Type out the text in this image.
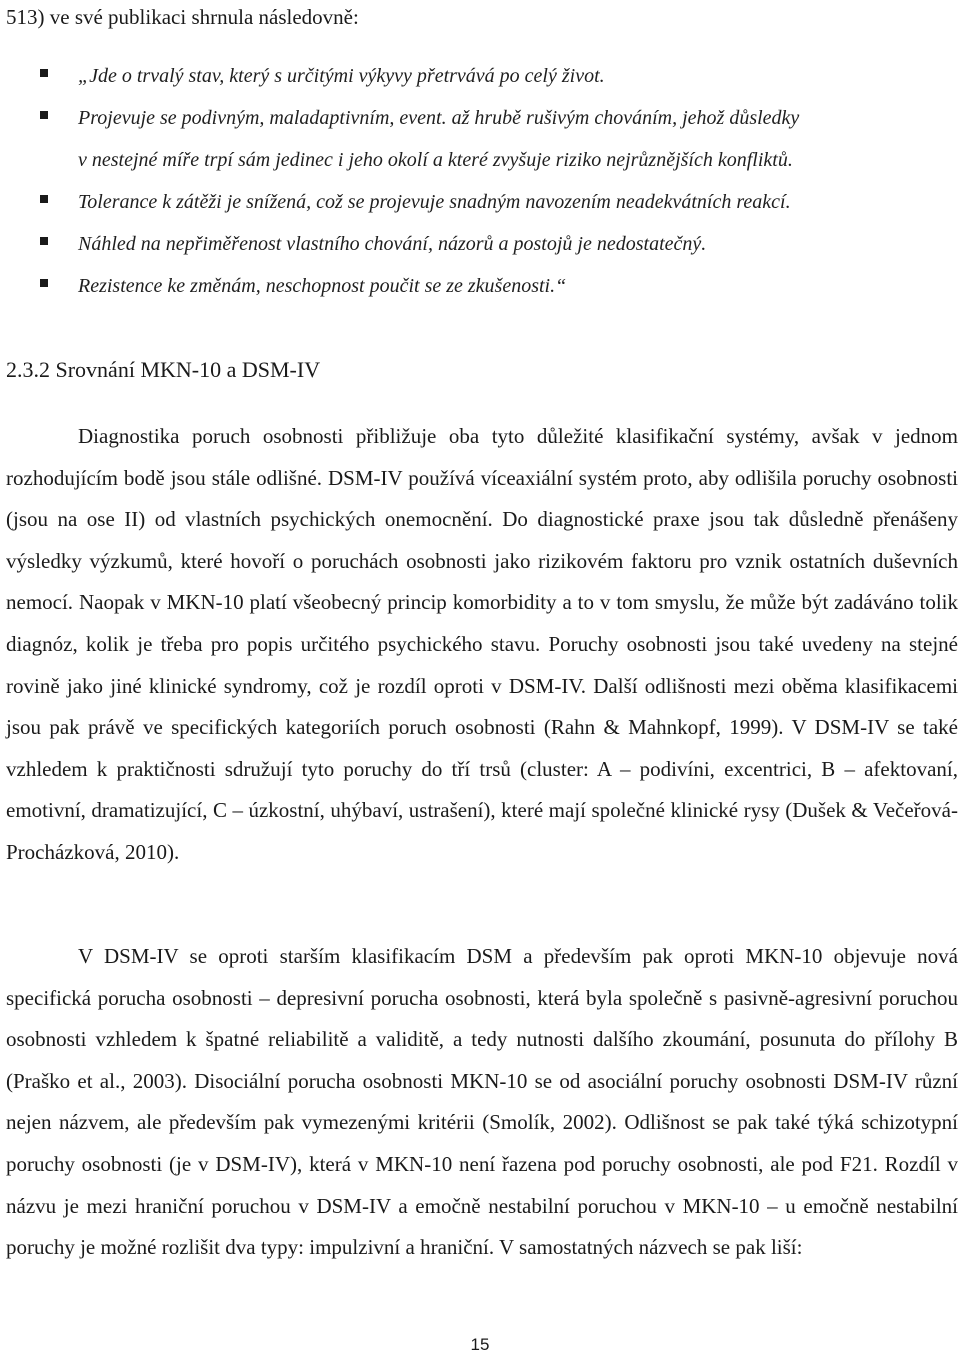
513) ve své publikaci shrnula následovně:
„Jde o trvalý stav, který s určitými výkyvy přetrvává po celý život.
Projevuje se podivným, maladaptivním, event. až hrubě rušivým chováním, jehož důsledky
v nestejné míře trpí sám jedinec i jeho okolí a které zvyšuje riziko nejrůznějších konfliktů.
Tolerance k zátěži je snížená, což se projevuje snadným navozením neadekvátních reakcí.
Náhled na nepřiměřenost vlastního chování, názorů a postojů je nedostatečný.
Rezistence ke změnám, neschopnost poučit se ze zkušenosti.“
2.3.2 Srovnání MKN-10 a DSM-IV

Diagnostika poruch osobnosti přibližuje oba tyto důležité klasifikační systémy, avšak v jednom rozhodujícím bodě jsou stále odlišné. DSM-IV používá víceaxiální systém proto, aby odlišila poruchy osobnosti (jsou na ose II) od vlastních psychických onemocnění. Do diagnostické praxe jsou tak důsledně přenášeny výsledky výzkumů, které hovoří o poruchách osobnosti jako rizikovém faktoru pro vznik ostatních duševních nemocí. Naopak v MKN-10 platí všeobecný princip komorbidity a to v tom smyslu, že může být zadáváno tolik diagnóz, kolik je třeba pro popis určitého psychického stavu. Poruchy osobnosti jsou také uvedeny na stejné rovině jako jiné klinické syndromy, což je rozdíl oproti v DSM-IV. Další odlišnosti mezi oběma klasifikacemi jsou pak právě ve specifických kategoriích poruch osobnosti (Rahn & Mahnkopf, 1999). V DSM-IV se také vzhledem k praktičnosti sdružují tyto poruchy do tří trsů (cluster: A – podivíni, excentrici, B – afektovaní, emotivní, dramatizující, C – úzkostní, uhýbaví, ustrašení), které mají společné klinické rysy (Dušek & Večeřová-Procházková, 2010).

V DSM-IV se oproti starším klasifikacím DSM a především pak oproti MKN-10 objevuje nová specifická porucha osobnosti – depresivní porucha osobnosti, která byla společně s pasivně-agresivní poruchou osobnosti vzhledem k špatné reliabilitě a validitě, a tedy nutnosti dalšího zkoumání, posunuta do přílohy B (Praško et al., 2003). Disociální porucha osobnosti MKN-10 se od asociální poruchy osobnosti DSM-IV různí nejen názvem, ale především pak vymezenými kritérii (Smolík, 2002). Odlišnost se pak také týká schizotypní poruchy osobnosti (je v DSM-IV), která v MKN-10 není řazena pod poruchy osobnosti, ale pod F21. Rozdíl v názvu je mezi hraniční poruchou v DSM-IV a emočně nestabilní poruchou v MKN-10 – u emočně nestabilní poruchy je možné rozlišit dva typy: impulzivní a hraniční. V samostatných názvech se pak liší:

15
